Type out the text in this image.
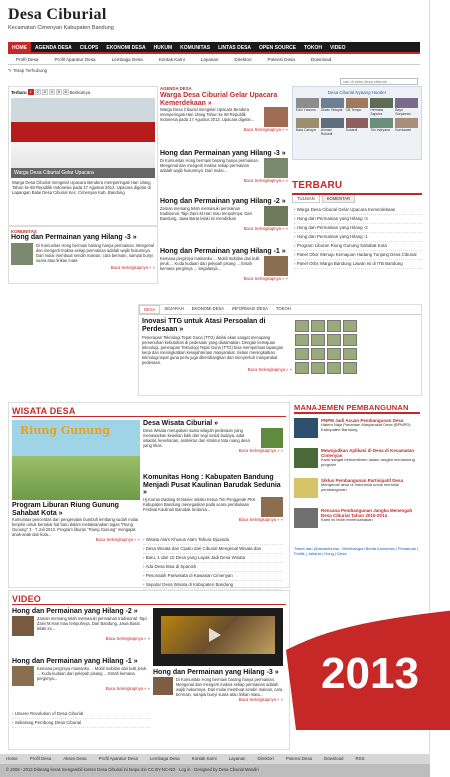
Desa Ciburial
Kecamatan Cimenyan Kabupaten Bandung
HOME	AGENDA DESA	CILOPS	EKONOMI DESA	HUKUM	KOMUNITAS	LINTAS DESA	OPEN SOURCE	TOKOH	VIDEO
Profil Desa	Profil Aparatur Desa	Lembaga Desa	Kontak Kami	Layanan	Direktori	Potensi Desa	Download
✎ Tetap Terhubung
cari di situs desa ciburial ...
Terbaru 1	2	3	4	5	6 Berikutnya
Warga Desa Ciburial Gelar Upacara
Warga Desa Ciburial mengelar Upacara Bendera memperingati Hari Ulang Tahun ke 68 Republik Indonesia pada 17 Agustus 2013. Upacara digelar di Lapangan Balai Desa Ciburial Kec. Cimenyan Kab. Bandung
KOMUNITAS
Hong dan Permainan yang Hilang -3 »
Di Komunitas Hong bermain barang hanya permainan. Mengenal dan mengerti makna setiap permainan adalah wajib hukumnya. Dari mulai membuat sendiri mainan, cara bermain, sampai bunyi suara atau lirikan mata
Baca Selengkapnya » »
AGENDA DESA
Warga Desa Ciburial Gelar Upacara Kemerdekaan »
Warga Desa Ciburial mengelar Upacara Bendera memperingati Hari Ulang Tahun ke 68 Republik Indonesia pada 17 Agustus 2013. Upacara digelar...
Baca Selengkapnya » »
Hong dan Permainan yang Hilang -3 »
Di Komunitas Hong bermain barang hanya permainan. Mengenal dan mengerti makna setiap permainan adalah wajib hukumnya. Dari mulai...
Baca Selengkapnya » »
Hong dan Permainan yang Hilang -2 »
Zaman memang telah memasuki permainan tradisional. Tapi Zaini M.Hari mau tempuhnya. Dari Bandung, Jawa Barat lelaki ini mendirikan
Baca Selengkapnya » »
Hong dan Permainan yang Hilang -1 »
Kemana pergimya mainanku ... Mobil mobilan dari kulit jeruk ... Kuda kudaan dari pelepah pisang ... Entah kemana pergimya ... Segalanya...
Baca Selengkapnya » »
Desa Ciburial Nyaang Hunder
Edhi Yuwono	Gilwin Hidayat CB Tempo	Hermaw Saputra
Bayu Suryaman
Bata Cahaya	Ahmad Ruhanil
Sunardi	Tilo Indryana	Kurniawati
TERBARU
TULISAN	KOMENTAR
› Warga Desa Ciburial Gelar Upacara Kemerdekaan
› Hong dan Permainan yang Hilang -3
› Hong dan Permainan yang Hilang -2
› Hong dan Permainan yang Hilang -1
› Program Liburan Riung Gunung Sahabat Kota
› Panel Obor Menuju Kemajuan Hadang Tunjang Desa Ciburial
› Panel Orbs Warga Bandung Lawan Isi di ITB Bandung
DESA	SEJARAH	EKONOMI DESA	INFORMASI DESA	TOKOH
Inovasi TTG untuk Atasi Persoalan di Perdesaan »
Penerapan Teknologi Tepat Guna (TTG) dinilai akan sangat menopang pemenuhan kebutuhan di pedesaan yang diutamakan. Dengan kemajuan teknologi, penerapan Teknologi Tepat Guna (TTG) bisa memperluas lapangan kerja dan meningkatkan kesejahteraan masyarakat. Selain meningkatkan teknologi tepat guna perlu juga dikembangkan dan menyentuh masyarakat pedesaan.
Baca Selengkapnya » »
WISATA DESA
Riung Gunung
Program Liburan Riung Gunung Sahabat Kota »
Komunitas pencerdas dan pengenalan bumbuh lembang sudah mulai berpikir untuk bertukar hal baru dalam melaksanakan tugas "Riung Gunung" 3 - 7 Juli 2013. Program liburan "Riung Gunung" mengajak anak-anak dari kota...
Baca Selengkapnya » »
Desa Wisata Ciburial »
Desa Wisata merupakan suatu wilayah pedesaan yang menawarkan keaslian baik dari segi sosial budaya, adat istiadat, keseharian, arsitektur dan struktur tata ruang desa yang khas.
Baca Selengkapnya » »
Komunitas Hong : Kabupaten Bandung Menjadi Pusat Kaulinan Barudak Sedunia »
Hj.Kurnia Dadang M.Nasier selaku Ketua Tim Penggerak PKK Kabupaten Bandung menegaskan pada acara pembukaan Festival Kaulinan Barudak Sedunia...
Baca Selengkapnya » »
› Wisata Alam Khusus Alam Tahura Djuanda
› Desa Wisata dan Cipalu dari Ciburial Mengenal Wisata dan
› Baru, 1 dari 10 Desa yang Layak Jadi Desa Wisata
› Ada Desa Bisa di Spanish
› Pesonalah Pariwisata di Kawasan Cimenyan
› Seputar Desa Wisata di Kabupaten Bandung
MANAJEMEN PEMBANGUNAN
PNPM Jadi Acuan Pembangunan Desa
Hatem Naja Panantan Masyarakat Desa (BPMPD) Kabupaten Bandung
Mewujudkan Aplikasi di Desa di Kecamatan Cimenyan
Kami sangat berkomitmen dalam rangka mendukung program
Siklus Pembangunan Partisipatif Desa
Mengenali desa di Indonesia untuk memulai pembangunan
Rencana Pembangunan Jangka Menengah Desa Ciburial Tahun 2010-2014
Kami ini telah merencanakan
Tweet dari @desaciburial : Membangun Berita Indonesia | Persatuan | Politik | Jakarta | Hong | Desa
VIDEO
Hong dan Permainan yang Hilang -2 »
Zaman memang telah memasuki permainan tradisional. Tapi Zaini M.Hari mau tempuhnya. Dari Bandung, Jawa Barat lelaki ini...
Baca Selengkapnya » »
Hong dan Permainan yang Hilang -1 »
Kemana pergimya mainanku ... Mobil mobilan dari kulit jeruk ... Kuda kudaan dari pelepah pisang ... Entah kemana pergimya...
Baca Selengkapnya » »
› Unsere Revolution of Desa Ciburial
› Sekarang Pembong Desa Ciburial
Hong dan Permainan yang Hilang -3 »
Di Komunitas Hong bermain barang hanya permainan. Mengenal dan mengerti makna setiap permainan adalah wajib hukumnya. Dari mulai membuat sendiri mainan, cara bermain, sampai bunyi suara atau lirikan mata...
Baca Selengkapnya » »
Home	Profil Desa	Akses Desa	Profil Aparatur Desa	Lembaga Desa	Kontak Kami	Layanan	Direktori	Potensi Desa	Download	RSS
© 2008 - 2013 Dilarang keras mengambil konten Desa Ciburial ini tanpa izin CC BY-NC-ND · Log in · Designed by Desa Ciburial Mandiri
2013
